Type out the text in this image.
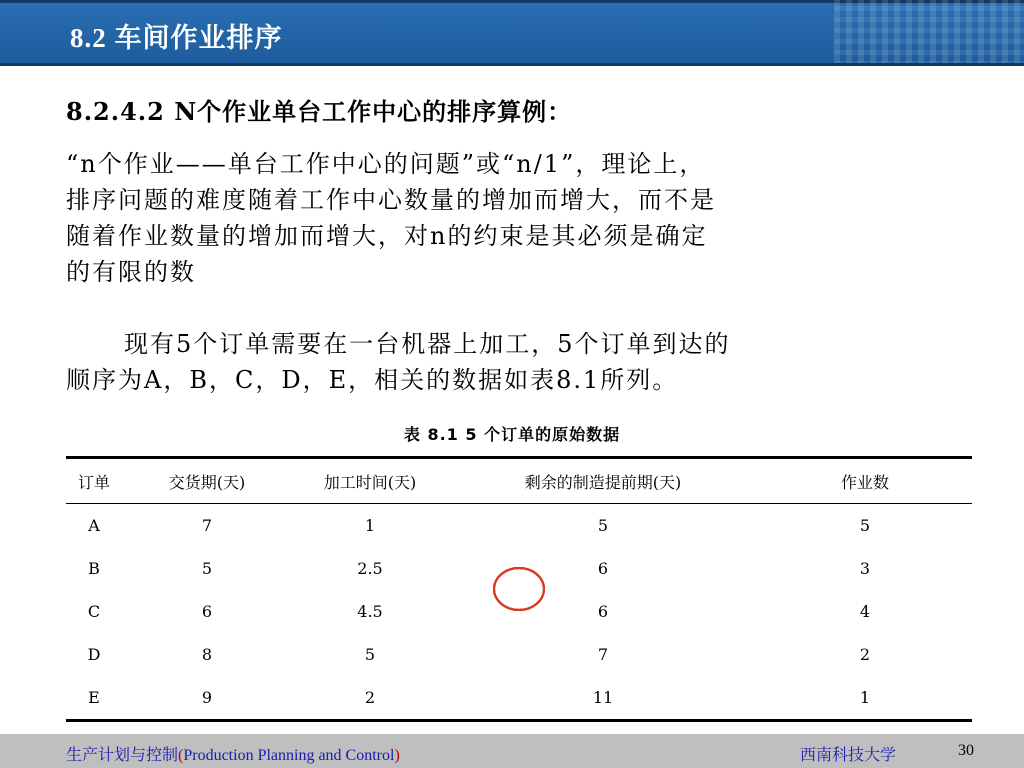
8.2 车间作业排序
8.2.4.2 N个作业单台工作中心的排序算例：
“n个作业——单台工作中心的问题”或“n/1”，理论上，
排序问题的难度随着工作中心数量的增加而增大，而不是
随着作业数量的增加而增大，对n的约束是其必须是确定
的有限的数
现有5个订单需要在一台机器上加工，5个订单到达的
顺序为A，B，C，D，E，相关的数据如表8.1所列。
表 8.1 5 个订单的原始数据
订单	交货期(天)	加工时间(天)	剩余的制造提前期(天)	作业数
A	7	1	5	5

B	5	2.5	6	3

C	6	4.5	6	4
D	8	5	7	2
E	9	2	11	1
生产计划与控制(Production Planning and Control)	西南科技大学	30
